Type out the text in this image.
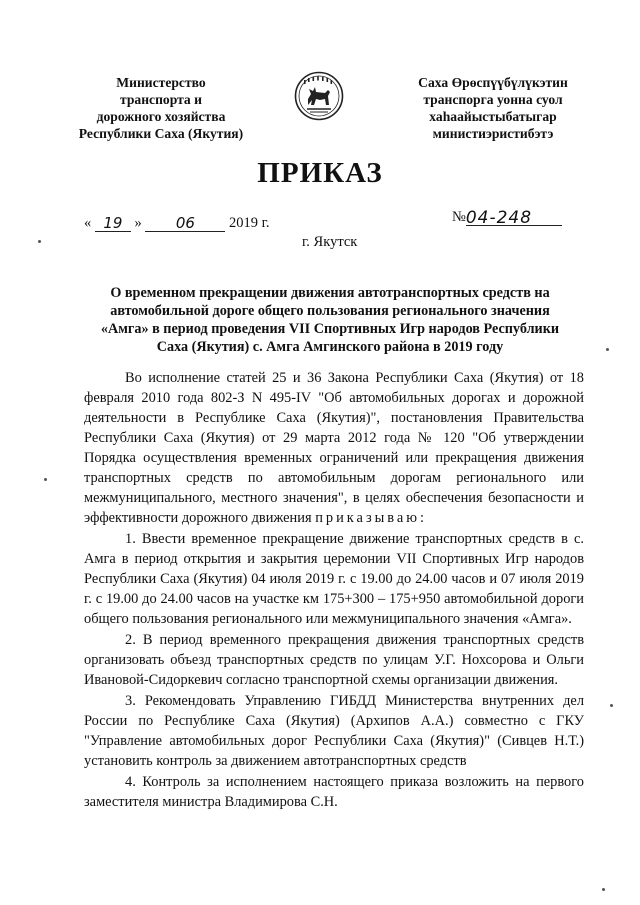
Министерство
транспорта и
дорожного хозяйства
Республики Саха (Якутия)
Саха Өрөспүүбүлүкэтин
транспорга уонна суол
хаһаайыстыбатыгар
министиэристибэтэ
ПРИКАЗ
« 19 » 06 2019 г.	№04-248
г. Якутск
О временном прекращении движения автотранспортных средств на
автомобильной дороге общего пользования регионального значения
«Амга» в период проведения VII Спортивных Игр народов Республики
Саха (Якутия) с. Амга Амгинского района в 2019 году

Во исполнение статей 25 и 36 Закона Республики Саха (Якутия) от 18 февраля 2010 года 802-З N 495-IV "Об автомобильных дорогах и дорожной деятельности в Республике Саха (Якутия)", постановления Правительства Республики Саха (Якутия) от 29 марта 2012 года № 120 "Об утверждении Порядка осуществления временных ограничений или прекращения движения транспортных средств по автомобильным дорогам регионального или межмуниципального, местного значения", в целях обеспечения безопасности и эффективности дорожного движения приказываю:

1. Ввести временное прекращение движение транспортных средств в с. Амга в период открытия и закрытия церемонии VII Спортивных Игр народов Республики Саха (Якутия) 04 июля 2019 г. с 19.00 до 24.00 часов и 07 июля 2019 г. с 19.00 до 24.00 часов на участке км 175+300 – 175+950 автомобильной дороги общего пользования регионального или межмуниципального значения «Амга».

2. В период временного прекращения движения транспортных средств организовать объезд транспортных средств по улицам У.Г. Нохсорова и Ольги Ивановой-Сидоркевич согласно транспортной схемы организации движения.

3. Рекомендовать Управлению ГИБДД Министерства внутренних дел России по Республике Саха (Якутия) (Архипов А.А.) совместно с ГКУ "Управление автомобильных дорог Республики Саха (Якутия)" (Сивцев Н.Т.) установить контроль за движением автотранспортных средств

4. Контроль за исполнением настоящего приказа возложить на первого заместителя министра Владимирова С.Н.
